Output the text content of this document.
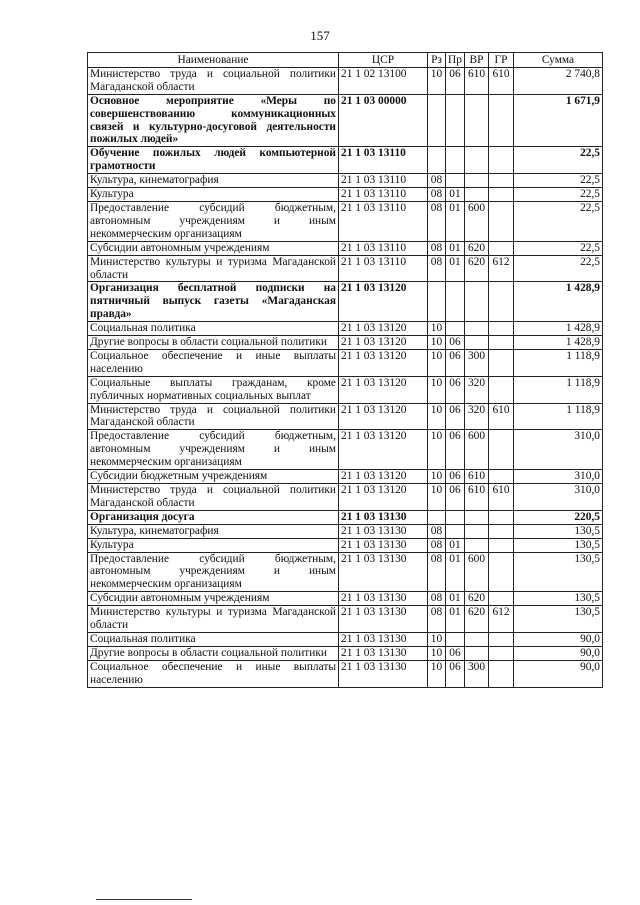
157
Наименование	ЦСР	Рз	Пр	ВР	ГР	Сумма
Министерство труда и социальной политики Магаданской области	21 1 02 13100	10	06	610	610	2 740,8
Основное мероприятие «Меры по совершенствованию коммуникационных связей и культурно-досуговой деятельности пожилых людей»	21 1 03 00000					1 671,9
Обучение пожилых людей компьютерной грамотности	21 1 03 13110					22,5
Культура, кинематография	21 1 03 13110	08				22,5
Культура	21 1 03 13110	08	01			22,5
Предоставление субсидий бюджетным, автономным учреждениям и иным некоммерческим организациям	21 1 03 13110	08	01	600		22,5
Субсидии автономным учреждениям	21 1 03 13110	08	01	620		22,5
Министерство культуры и туризма Магаданской области	21 1 03 13110	08	01	620	612	22,5
Организация бесплатной подписки на пятничный выпуск газеты «Магаданская правда»	21 1 03 13120					1 428,9
Социальная политика	21 1 03 13120	10				1 428,9
Другие вопросы в области социальной политики	21 1 03 13120	10	06			1 428,9
Социальное обеспечение и иные выплаты населению	21 1 03 13120	10	06	300		1 118,9
Социальные выплаты гражданам, кроме публичных нормативных социальных выплат	21 1 03 13120	10	06	320		1 118,9
Министерство труда и социальной политики Магаданской области	21 1 03 13120	10	06	320	610	1 118,9
Предоставление субсидий бюджетным, автономным учреждениям и иным некоммерческим организациям	21 1 03 13120	10	06	600		310,0
Субсидии бюджетным учреждениям	21 1 03 13120	10	06	610		310,0
Министерство труда и социальной политики Магаданской области	21 1 03 13120	10	06	610	610	310,0
Организация досуга	21 1 03 13130					220,5
Культура, кинематография	21 1 03 13130	08				130,5
Культура	21 1 03 13130	08	01			130,5
Предоставление субсидий бюджетным, автономным учреждениям и иным некоммерческим организациям	21 1 03 13130	08	01	600		130,5
Субсидии автономным учреждениям	21 1 03 13130	08	01	620		130,5
Министерство культуры и туризма Магаданской области	21 1 03 13130	08	01	620	612	130,5
Социальная политика	21 1 03 13130	10				90,0
Другие вопросы в области социальной политики	21 1 03 13130	10	06			90,0
Социальное обеспечение и иные выплаты населению	21 1 03 13130	10	06	300		90,0
